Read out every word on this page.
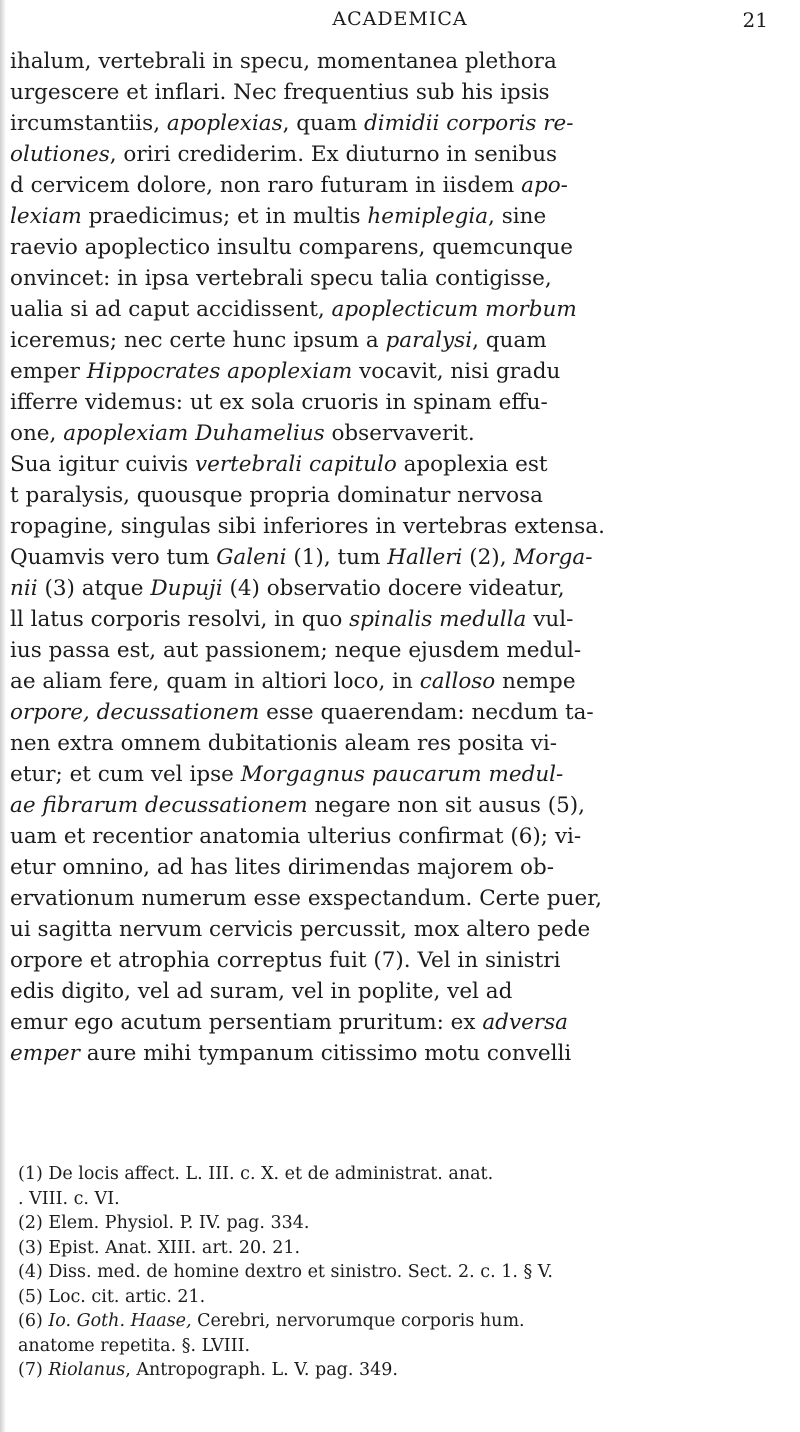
ACADEMICA	21
ihalum, vertebrali in specu, momentanea plethora
urgescere et inflari. Nec frequentius sub his ipsis
ircumstantiis, apoplexias, quam dimidii corporis re-
olutiones, oriri crediderim. Ex diuturno in senibus
d cervicem dolore, non raro futuram in iisdem apo-
lexiam praedicimus; et in multis hemiplegia, sine
raevio apoplectico insultu comparens, quemcunque
onvincet: in ipsa vertebrali specu talia contigisse,
ualia si ad caput accidissent, apoplecticum morbum
iceremus; nec certe hunc ipsum a paralysi, quam
emper Hippocrates apoplexiam vocavit, nisi gradu
ifferre videmus: ut ex sola cruoris in spinam effu-
one, apoplexiam Duhamelius observaverit.
Sua igitur cuivis vertebrali capitulo apoplexia est
t paralysis, quousque propria dominatur nervosa
ropagine, singulas sibi inferiores in vertebras extensa.
Quamvis vero tum Galeni (1), tum Halleri (2), Morga-
nii (3) atque Dupuji (4) observatio docere videatur,
ll latus corporis resolvi, in quo spinalis medulla vul-
ius passa est, aut passionem; neque ejusdem medul-
ae aliam fere, quam in altiori loco, in calloso nempe
orpore, decussationem esse quaerendam: necdum ta-
nen extra omnem dubitationis aleam res posita vi-
etur; et cum vel ipse Morgagnus paucarum medul-
ae fibrarum decussationem negare non sit ausus (5),
uam et recentior anatomia ulterius confirmat (6); vi-
etur omnino, ad has lites dirimendas majorem ob-
ervationum numerum esse exspectandum. Certe puer,
ui sagitta nervum cervicis percussit, mox altero pede
orpore et atrophia correptus fuit (7). Vel in sinistri
edis digito, vel ad suram, vel in poplite, vel ad
emur ego acutum persentiam pruritum: ex adversa
emper aure mihi tympanum citissimo motu convelli
(1) De locis affect. L. III. c. X. et de administrat. anat.
. VIII. c. VI.
(2) Elem. Physiol. P. IV. pag. 334.
(3) Epist. Anat. XIII. art. 20. 21.
(4) Diss. med. de homine dextro et sinistro. Sect. 2. c. 1. § V.
(5) Loc. cit. artic. 21.
(6) Io. Goth. Haase, Cerebri, nervorumque corporis hum.
anatome repetita. §. LVIII.
(7) Riolanus, Antropograph. L. V. pag. 349.
